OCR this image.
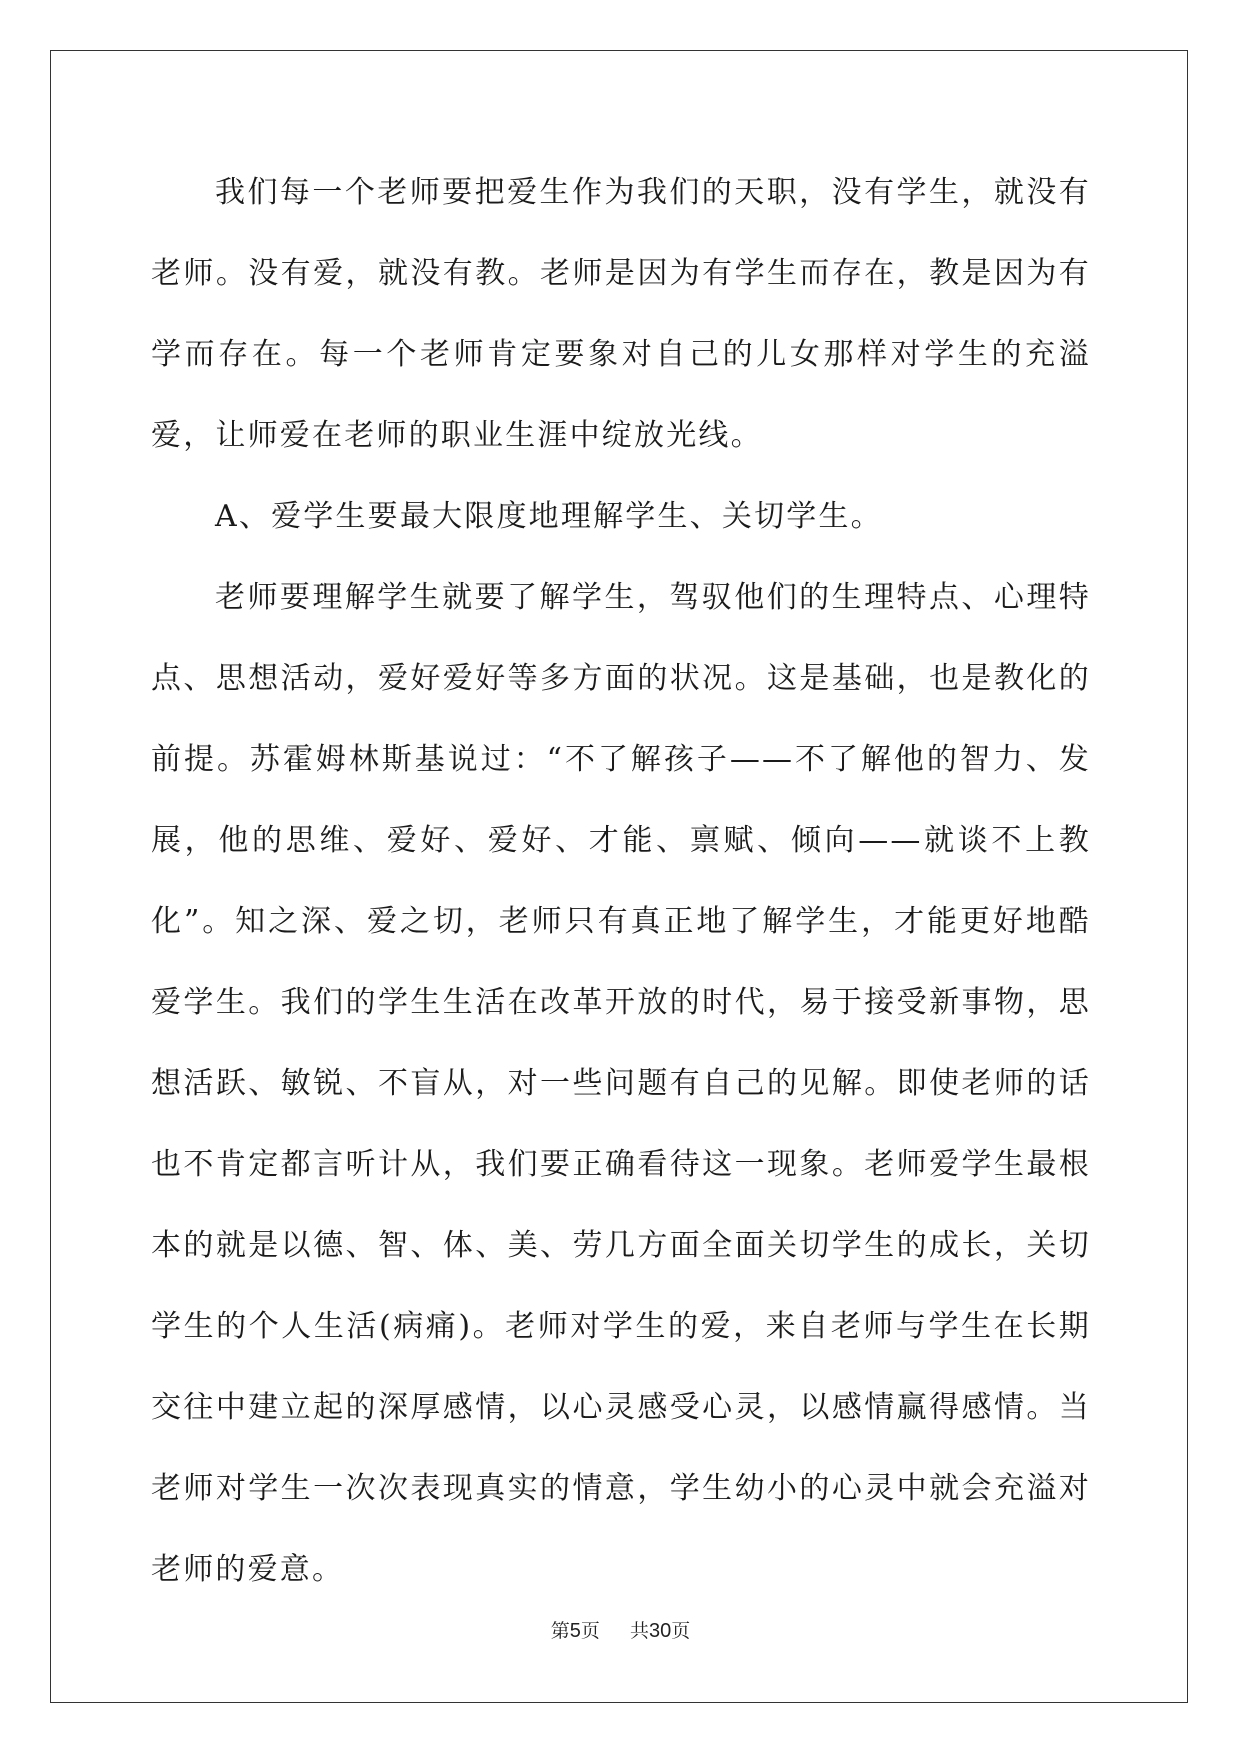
我们每一个老师要把爱生作为我们的天职，没有学生，就没有老师。没有爱，就没有教。老师是因为有学生而存在，教是因为有学而存在。每一个老师肯定要象对自己的儿女那样对学生的充溢爱，让师爱在老师的职业生涯中绽放光线。

A、爱学生要最大限度地理解学生、关切学生。

老师要理解学生就要了解学生，驾驭他们的生理特点、心理特点、思想活动，爱好爱好等多方面的状况。这是基础，也是教化的前提。苏霍姆林斯基说过：“不了解孩子——不了解他的智力、发展，他的思维、爱好、爱好、才能、禀赋、倾向——就谈不上教化”。知之深、爱之切，老师只有真正地了解学生，才能更好地酷爱学生。我们的学生生活在改革开放的时代，易于接受新事物，思想活跃、敏锐、不盲从，对一些问题有自己的见解。即使老师的话也不肯定都言听计从，我们要正确看待这一现象。老师爱学生最根本的就是以德、智、体、美、劳几方面全面关切学生的成长，关切学生的个人生活(病痛)。老师对学生的爱，来自老师与学生在长期交往中建立起的深厚感情，以心灵感受心灵，以感情赢得感情。当老师对学生一次次表现真实的情意，学生幼小的心灵中就会充溢对老师的爱意。

第5页 共30页
